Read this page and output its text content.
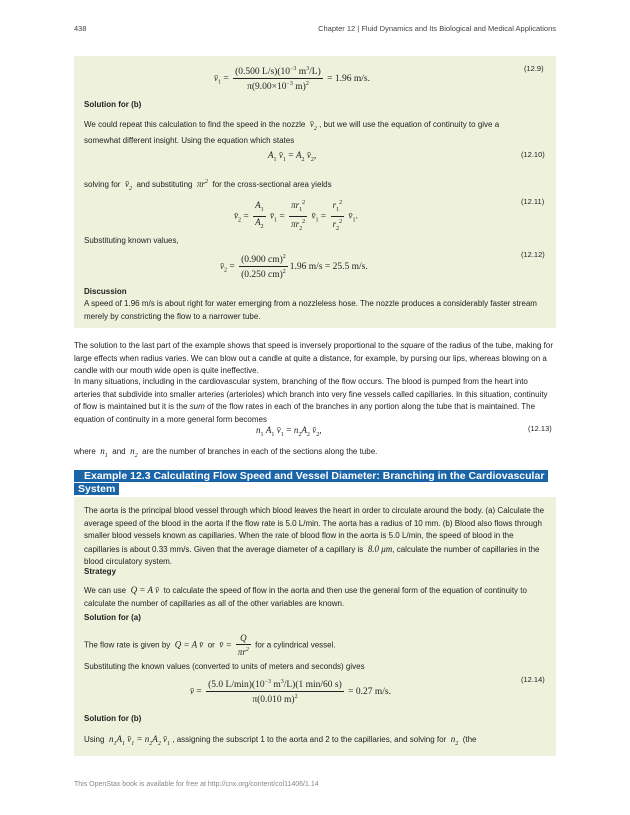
438	Chapter 12 | Fluid Dynamics and Its Biological and Medical Applications
$v̄_1 = \frac{(0.500 L/s)(10^{-3} m^3/L)}{\pi(9.00\times 10^{-3} m)^2} = 1.96$ m/s.
(12.9)
Solution for (b)
We could repeat this calculation to find the speed in the nozzle  $v̄_2$ , but we will use the equation of continuity to give a
somewhat different insight. Using the equation which states
$A_1$ $v̄_1 = A_2$ $v̄_2$,	(12.10)
solving for  $v̄_2$ and substituting  $\pi r^2$ for the cross-sectional area yields
$v̄_2 = \frac{A_1}{A_2}$ $v̄_1 = \frac{\pi r_1^2}{\pi r_2^2}$ $v̄_1 = \frac{r_1^2}{r_2^2}$ $v̄_1$.
(12.11)
Substituting known values,
$v̄_2 = \frac{(0.900 cm)^2}{(0.250 cm)^2} 1.96$ m/s = 25.5 m/s.
(12.12)
Discussion
A speed of 1.96 m/s is about right for water emerging from a nozzleless hose. The nozzle produces a considerably faster stream merely by constricting the flow to a narrower tube.
The solution to the last part of the example shows that speed is inversely proportional to the square of the radius of the tube, making for large effects when radius varies. We can blow out a candle at quite a distance, for example, by pursing our lips, whereas blowing on a candle with our mouth wide open is quite ineffective.
In many situations, including in the cardiovascular system, branching of the flow occurs. The blood is pumped from the heart into arteries that subdivide into smaller arteries (arterioles) which branch into very fine vessels called capillaries. In this situation, continuity of flow is maintained but it is the sum of the flow rates in each of the branches in any portion along the tube that is maintained. The equation of continuity in a more general form becomes
$n_1$ $A_1$ $v̄_1 = n_2A_2$ $v̄_2$,	(12.13)
where  $n_1$ and  $n_2$ are the number of branches in each of the sections along the tube.
Example 12.3 Calculating Flow Speed and Vessel Diameter: Branching in the Cardiovascular
System
The aorta is the principal blood vessel through which blood leaves the heart in order to circulate around the body. (a) Calculate the average speed of the blood in the aorta if the flow rate is 5.0 L/min. The aorta has a radius of 10 mm. (b) Blood also flows through smaller blood vessels known as capillaries. When the rate of blood flow in the aorta is 5.0 L/min, the speed of blood in the capillaries is about 0.33 mm/s. Given that the average diameter of a capillary is  8.0 μm, calculate the number of capillaries in the blood circulatory system.
Strategy
We can use  Q = A v̄  to calculate the speed of flow in the aorta and then use the general form of the equation of continuity to calculate the number of capillaries as all of the other variables are known.
Solution for (a)
The flow rate is given by  Q = A v̄  or  v̄ = $\frac{Q}{\pi r^2}$ for a cylindrical vessel.
Substituting the known values (converted to units of meters and seconds) gives
v̄ = $\frac{(5.0 L/\min)(10^{-3} m^3/L)(1 \min/60 s)}{\pi(0.010 m)^2} = 0.27$ m/s.
(12.14)
Solution for (b)
Using  $n_1A_1$ $v̄_1 = n_2A_2$ $v̄_1$ , assigning the subscript 1 to the aorta and 2 to the capillaries, and solving for  $n_2$ (the
This OpenStax book is available for free at http://cnx.org/content/col11406/1.14
